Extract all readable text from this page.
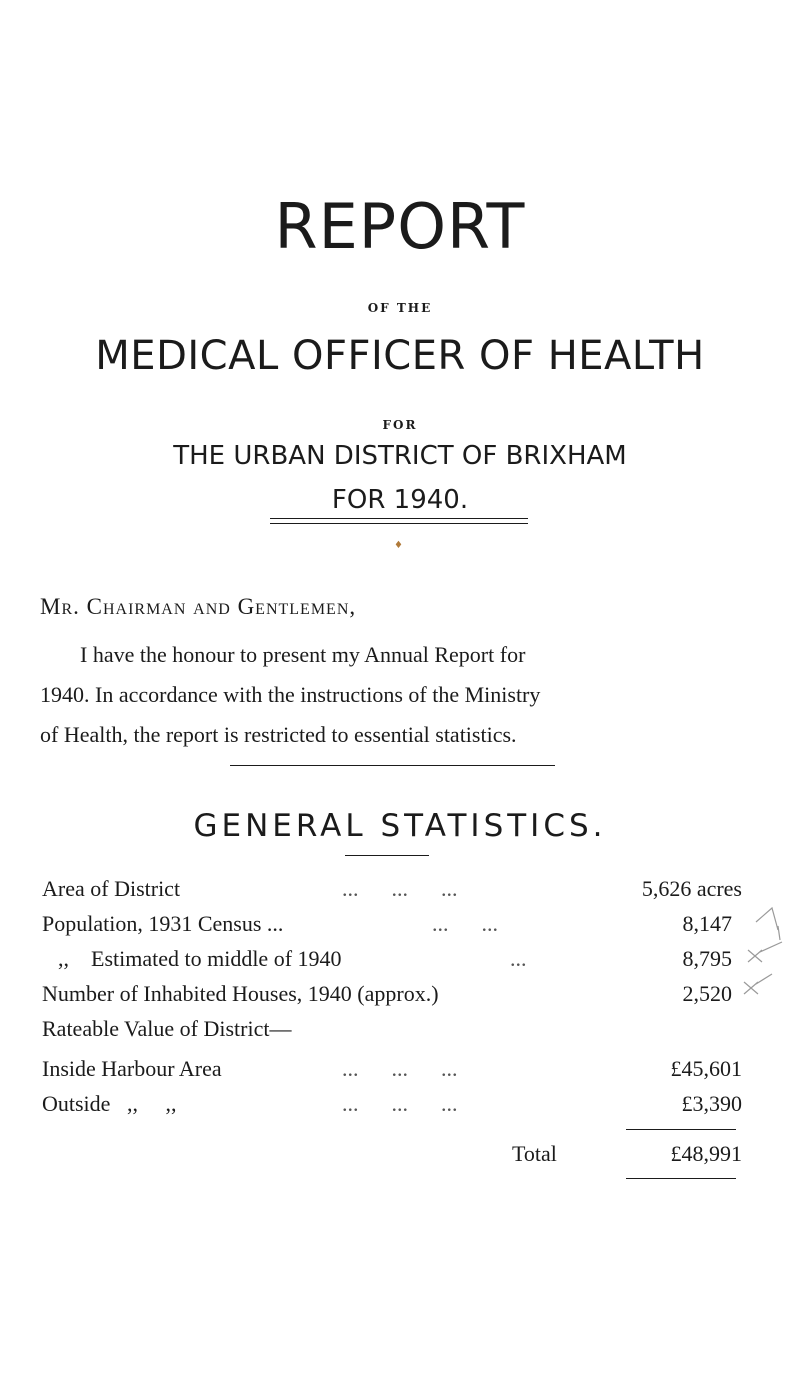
REPORT
OF THE
MEDICAL OFFICER OF HEALTH
FOR
THE URBAN DISTRICT OF BRIXHAM
FOR 1940.
♦
Mr. Chairman and Gentlemen,
I have the honour to present my Annual Report for
1940. In accordance with the instructions of the Ministry
of Health, the report is restricted to essential statistics.
GENERAL STATISTICS.
Area of District	...      ...      ...	5,626 acres
Population, 1931 Census ...	...      ...	8,147
,,    Estimated to middle of 1940	...	8,795
Number of Inhabited Houses, 1940 (approx.)	2,520
Rateable Value of District—
Inside Harbour Area	...      ...      ...	£45,601
Outside   ,,     ,,	...      ...      ...	£3,390
Total	£48,991
